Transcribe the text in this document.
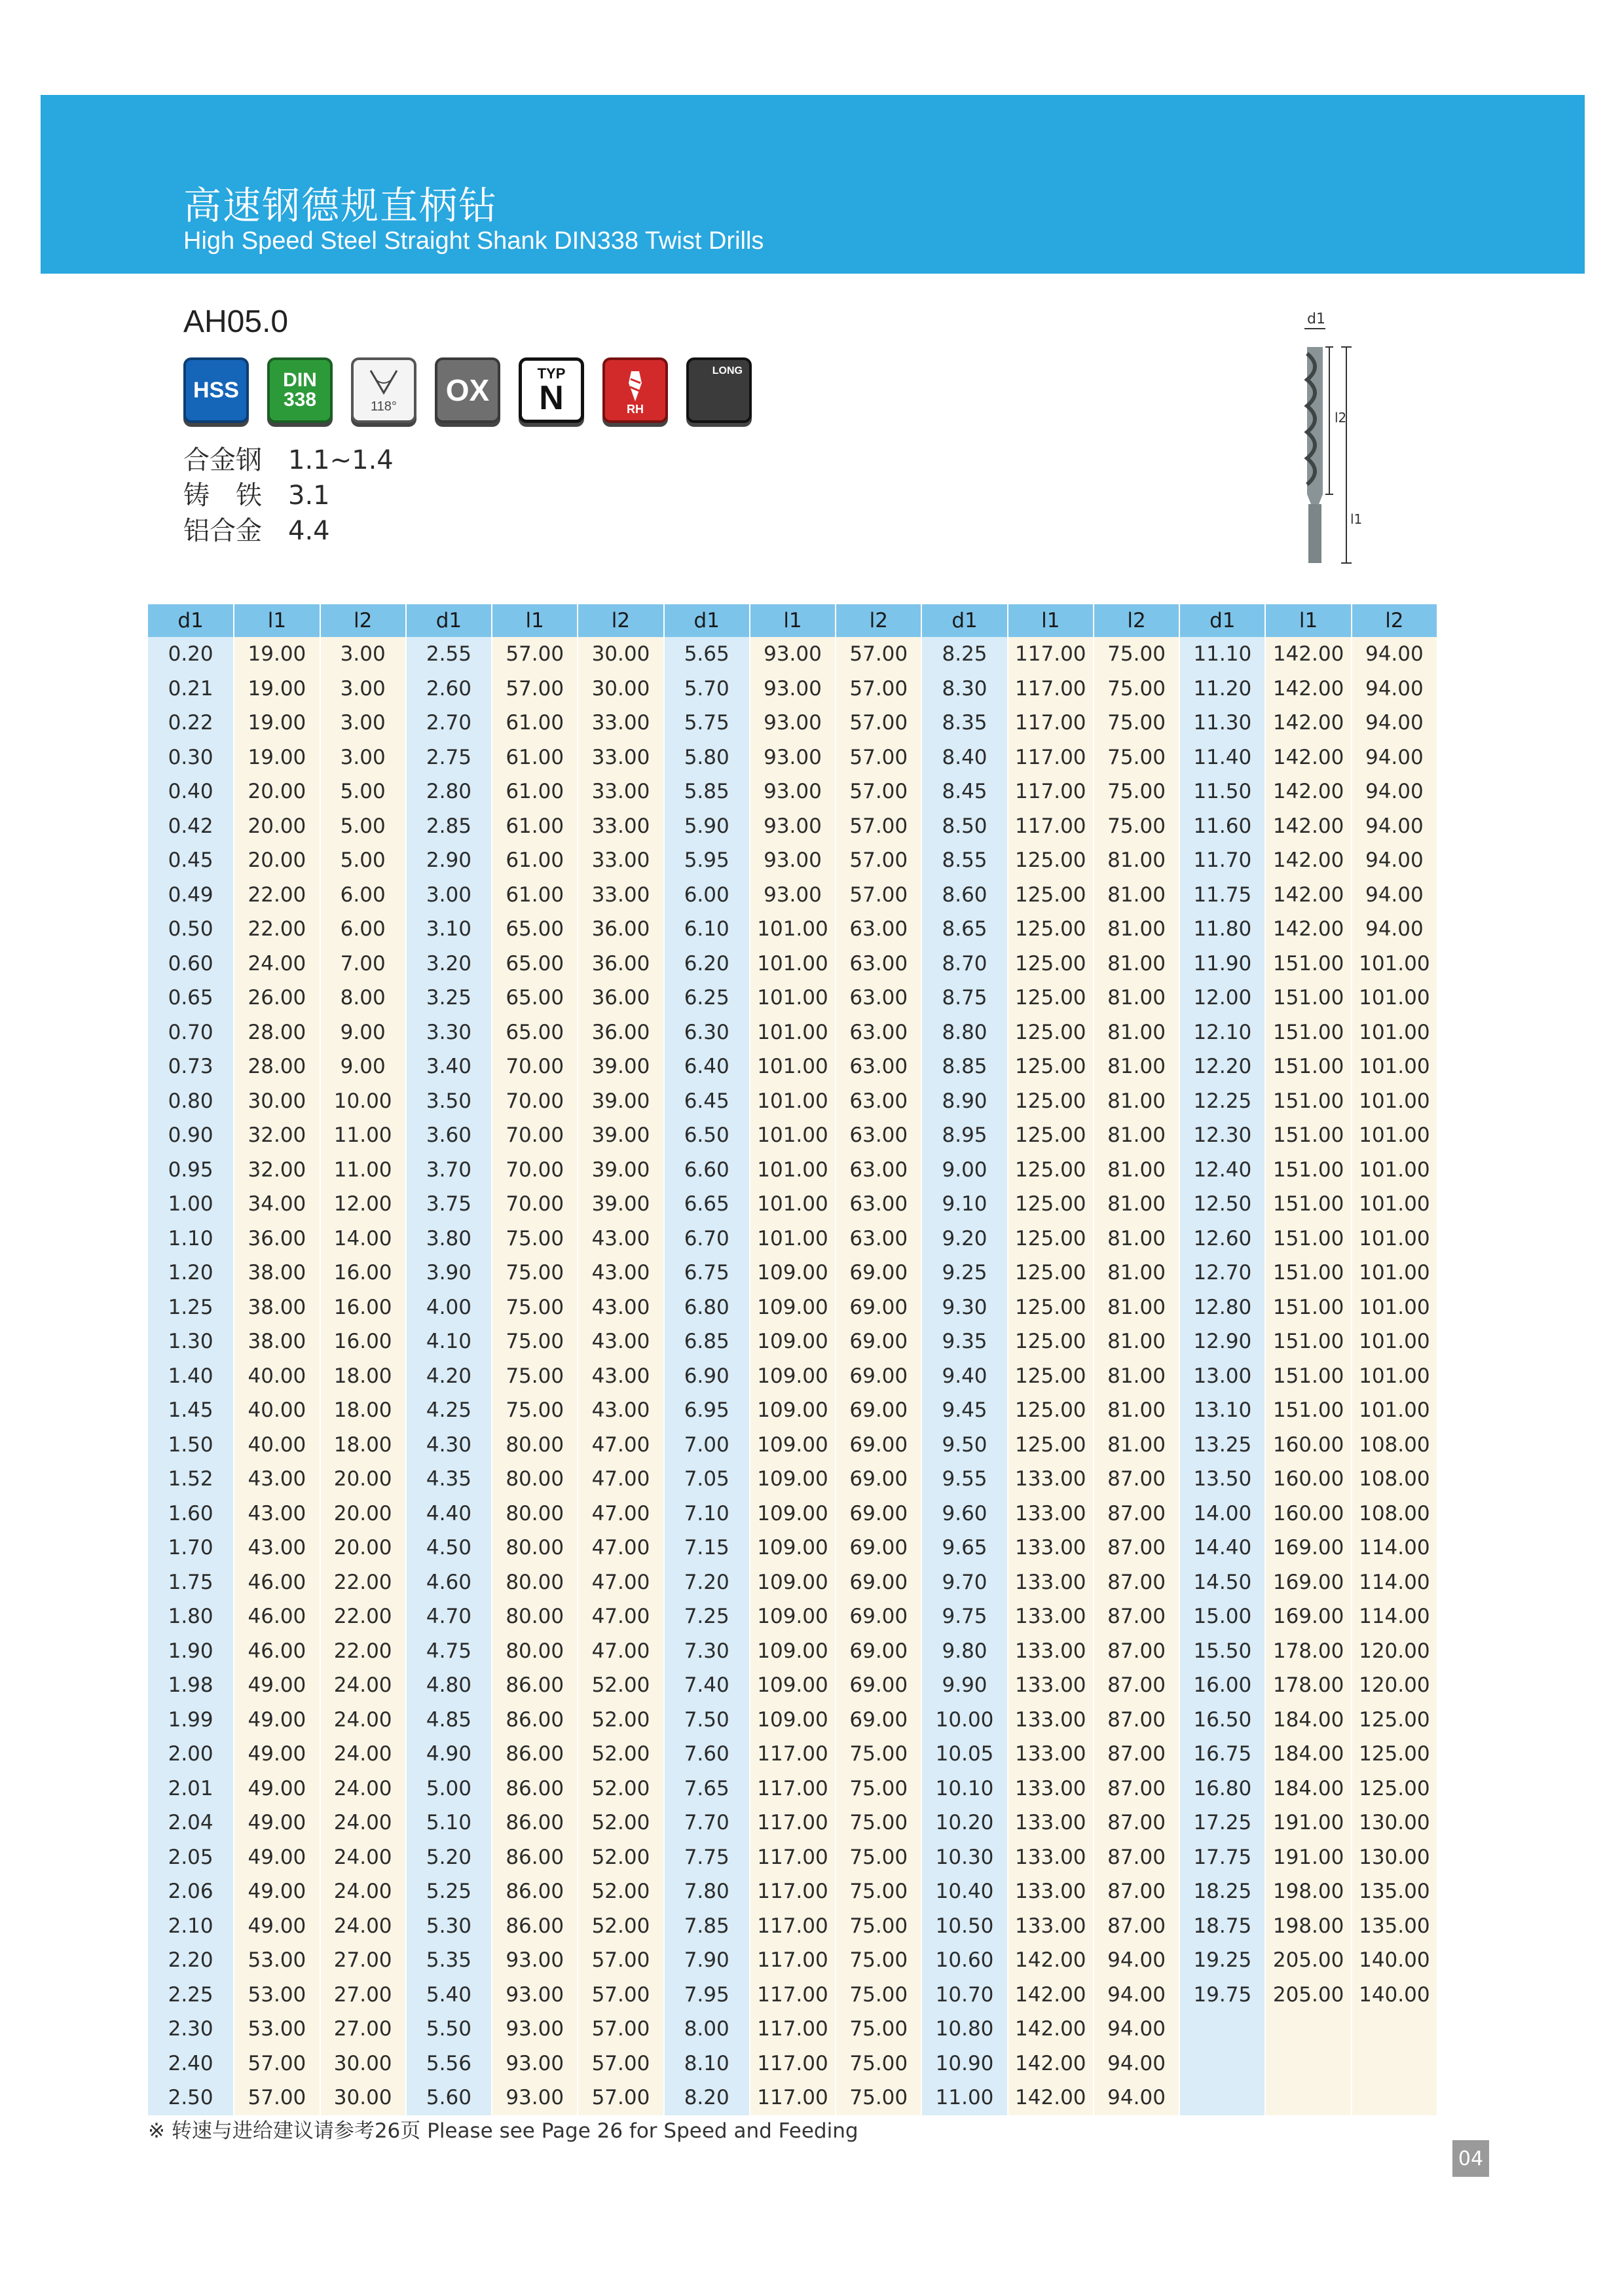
高速钢德规直柄钻
High Speed Steel Straight Shank DIN338 Twist Drills
AH05.0
HSS DIN
338	118° OX	TYP
N	RH
LONG
合金钢	1.1~1.4
铸　铁	3.1
铝合金	4.4
d1
l2
l1
d1	l1	l2	d1	l1	l2	d1	l1	l2	d1	l1	l2	d1	l1	l2
0.20	19.00	3.00	2.55	57.00	30.00	5.65	93.00	57.00	8.25	117.00	75.00	11.10	142.00	94.00
0.21	19.00	3.00	2.60	57.00	30.00	5.70	93.00	57.00	8.30	117.00	75.00	11.20	142.00	94.00
0.22	19.00	3.00	2.70	61.00	33.00	5.75	93.00	57.00	8.35	117.00	75.00	11.30	142.00	94.00
0.30	19.00	3.00	2.75	61.00	33.00	5.80	93.00	57.00	8.40	117.00	75.00	11.40	142.00	94.00
0.40	20.00	5.00	2.80	61.00	33.00	5.85	93.00	57.00	8.45	117.00	75.00	11.50	142.00	94.00
0.42	20.00	5.00	2.85	61.00	33.00	5.90	93.00	57.00	8.50	117.00	75.00	11.60	142.00	94.00
0.45	20.00	5.00	2.90	61.00	33.00	5.95	93.00	57.00	8.55	125.00	81.00	11.70	142.00	94.00
0.49	22.00	6.00	3.00	61.00	33.00	6.00	93.00	57.00	8.60	125.00	81.00	11.75	142.00	94.00
0.50	22.00	6.00	3.10	65.00	36.00	6.10	101.00	63.00	8.65	125.00	81.00	11.80	142.00	94.00
0.60	24.00	7.00	3.20	65.00	36.00	6.20	101.00	63.00	8.70	125.00	81.00	11.90	151.00	101.00
0.65	26.00	8.00	3.25	65.00	36.00	6.25	101.00	63.00	8.75	125.00	81.00	12.00	151.00	101.00
0.70	28.00	9.00	3.30	65.00	36.00	6.30	101.00	63.00	8.80	125.00	81.00	12.10	151.00	101.00
0.73	28.00	9.00	3.40	70.00	39.00	6.40	101.00	63.00	8.85	125.00	81.00	12.20	151.00	101.00
0.80	30.00	10.00	3.50	70.00	39.00	6.45	101.00	63.00	8.90	125.00	81.00	12.25	151.00	101.00
0.90	32.00	11.00	3.60	70.00	39.00	6.50	101.00	63.00	8.95	125.00	81.00	12.30	151.00	101.00
0.95	32.00	11.00	3.70	70.00	39.00	6.60	101.00	63.00	9.00	125.00	81.00	12.40	151.00	101.00
1.00	34.00	12.00	3.75	70.00	39.00	6.65	101.00	63.00	9.10	125.00	81.00	12.50	151.00	101.00
1.10	36.00	14.00	3.80	75.00	43.00	6.70	101.00	63.00	9.20	125.00	81.00	12.60	151.00	101.00
1.20	38.00	16.00	3.90	75.00	43.00	6.75	109.00	69.00	9.25	125.00	81.00	12.70	151.00	101.00
1.25	38.00	16.00	4.00	75.00	43.00	6.80	109.00	69.00	9.30	125.00	81.00	12.80	151.00	101.00
1.30	38.00	16.00	4.10	75.00	43.00	6.85	109.00	69.00	9.35	125.00	81.00	12.90	151.00	101.00
1.40	40.00	18.00	4.20	75.00	43.00	6.90	109.00	69.00	9.40	125.00	81.00	13.00	151.00	101.00
1.45	40.00	18.00	4.25	75.00	43.00	6.95	109.00	69.00	9.45	125.00	81.00	13.10	151.00	101.00
1.50	40.00	18.00	4.30	80.00	47.00	7.00	109.00	69.00	9.50	125.00	81.00	13.25	160.00	108.00
1.52	43.00	20.00	4.35	80.00	47.00	7.05	109.00	69.00	9.55	133.00	87.00	13.50	160.00	108.00
1.60	43.00	20.00	4.40	80.00	47.00	7.10	109.00	69.00	9.60	133.00	87.00	14.00	160.00	108.00
1.70	43.00	20.00	4.50	80.00	47.00	7.15	109.00	69.00	9.65	133.00	87.00	14.40	169.00	114.00
1.75	46.00	22.00	4.60	80.00	47.00	7.20	109.00	69.00	9.70	133.00	87.00	14.50	169.00	114.00
1.80	46.00	22.00	4.70	80.00	47.00	7.25	109.00	69.00	9.75	133.00	87.00	15.00	169.00	114.00
1.90	46.00	22.00	4.75	80.00	47.00	7.30	109.00	69.00	9.80	133.00	87.00	15.50	178.00	120.00
1.98	49.00	24.00	4.80	86.00	52.00	7.40	109.00	69.00	9.90	133.00	87.00	16.00	178.00	120.00
1.99	49.00	24.00	4.85	86.00	52.00	7.50	109.00	69.00	10.00	133.00	87.00	16.50	184.00	125.00
2.00	49.00	24.00	4.90	86.00	52.00	7.60	117.00	75.00	10.05	133.00	87.00	16.75	184.00	125.00
2.01	49.00	24.00	5.00	86.00	52.00	7.65	117.00	75.00	10.10	133.00	87.00	16.80	184.00	125.00
2.04	49.00	24.00	5.10	86.00	52.00	7.70	117.00	75.00	10.20	133.00	87.00	17.25	191.00	130.00
2.05	49.00	24.00	5.20	86.00	52.00	7.75	117.00	75.00	10.30	133.00	87.00	17.75	191.00	130.00
2.06	49.00	24.00	5.25	86.00	52.00	7.80	117.00	75.00	10.40	133.00	87.00	18.25	198.00	135.00
2.10	49.00	24.00	5.30	86.00	52.00	7.85	117.00	75.00	10.50	133.00	87.00	18.75	198.00	135.00
2.20	53.00	27.00	5.35	93.00	57.00	7.90	117.00	75.00	10.60	142.00	94.00	19.25	205.00	140.00
2.25	53.00	27.00	5.40	93.00	57.00	7.95	117.00	75.00	10.70	142.00	94.00	19.75	205.00	140.00
2.30	53.00	27.00	5.50	93.00	57.00	8.00	117.00	75.00	10.80	142.00	94.00			
2.40	57.00	30.00	5.56	93.00	57.00	8.10	117.00	75.00	10.90	142.00	94.00			
2.50	57.00	30.00	5.60	93.00	57.00	8.20	117.00	75.00	11.00	142.00	94.00			
※ 转速与进给建议请参考26页 Please see Page 26 for Speed and Feeding
04
